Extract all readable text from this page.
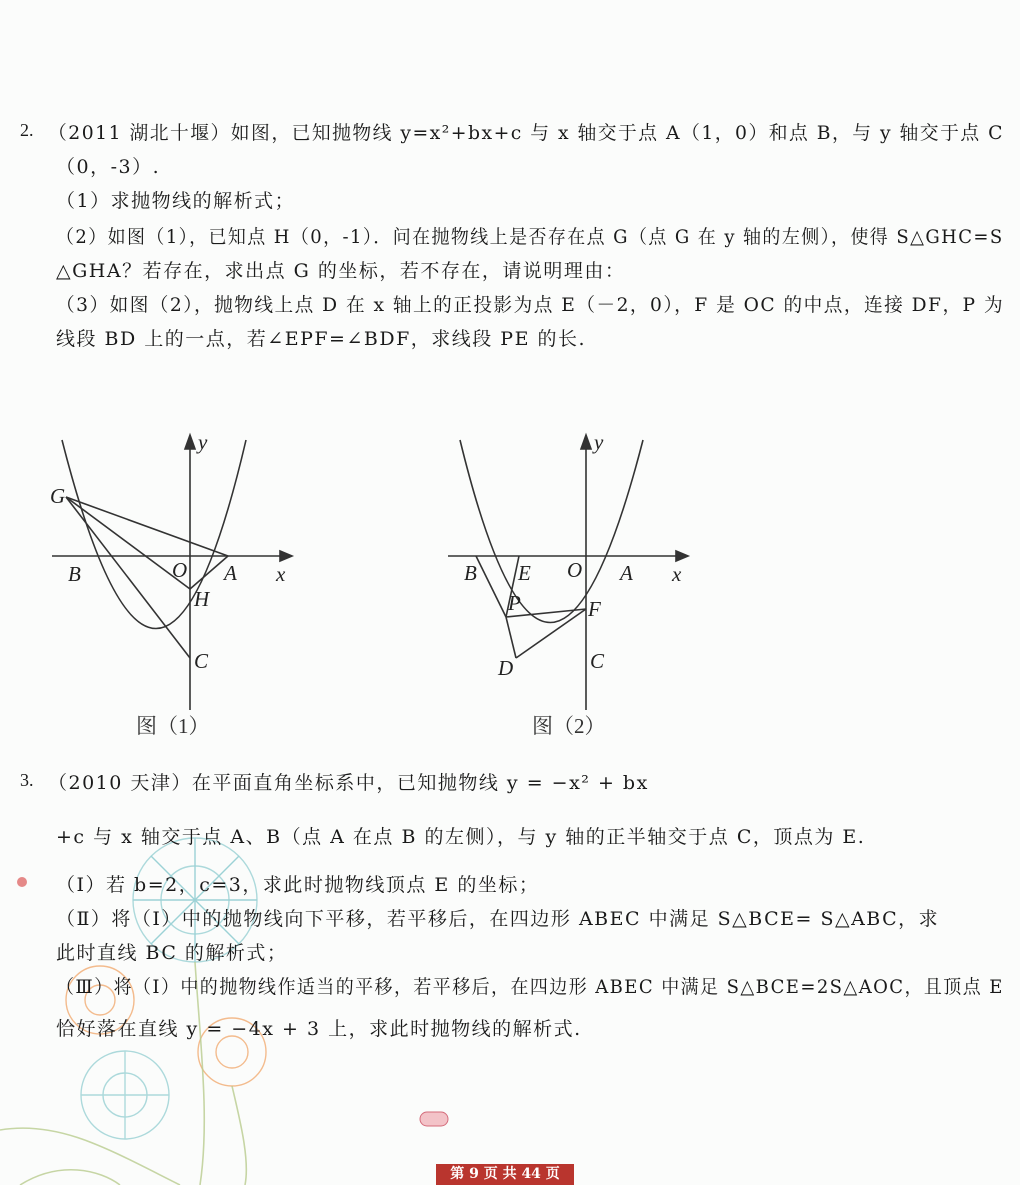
2. （2011 湖北十堰）如图，已知抛物线 y=x²+bx+c 与 x 轴交于点 A（1，0）和点 B，与 y 轴交于点 C
（0，-3）.
（1）求抛物线的解析式；
（2）如图（1），已知点 H（0，-1）．问在抛物线上是否存在点 G（点 G 在 y 轴的左侧），使得 S△GHC=S
△GHA？若存在，求出点 G 的坐标，若不存在，请说明理由：
（3）如图（2），抛物线上点 D 在 x 轴上的正投影为点 E（－2，0），F 是 OC 的中点，连接 DF，P 为
线段 BD 上的一点，若∠EPF=∠BDF，求线段 PE 的长.
y
x
G
B	O A
H
C
图（1）
y
x
B E O A
P	F
D	C
图（2）
3. （2010 天津）在平面直角坐标系中，已知抛物线 y = −x² + bx
+c 与 x 轴交于点 A、B（点 A 在点 B 的左侧），与 y 轴的正半轴交于点 C，顶点为 E.
（Ⅰ）若 b=2，c=3，求此时抛物线顶点 E 的坐标；
（Ⅱ）将（Ⅰ）中的抛物线向下平移，若平移后，在四边形 ABEC 中满足 S△BCE= S△ABC，求
此时直线 BC 的解析式；
（Ⅲ）将（Ⅰ）中的抛物线作适当的平移，若平移后，在四边形 ABEC 中满足 S△BCE=2S△AOC，且顶点 E
恰好落在直线 y = −4x + 3 上，求此时抛物线的解析式.
第 9 页 共 44 页
